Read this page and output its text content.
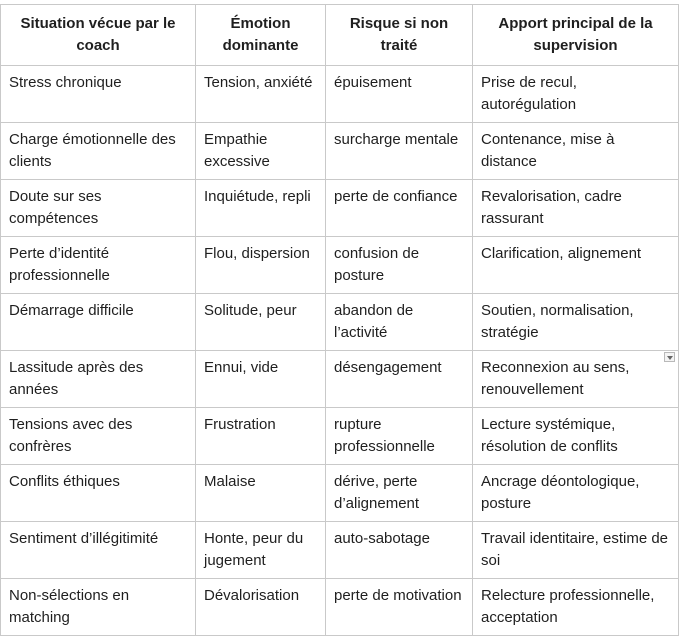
Situation vécue par le coach	Émotion dominante	Risque si non traité	Apport principal de la supervision
Stress chronique	Tension, anxiété	épuisement	Prise de recul, autorégulation
Charge émotionnelle des clients	Empathie excessive	surcharge mentale	Contenance, mise à distance
Doute sur ses compétences	Inquiétude, repli	perte de confiance	Revalorisation, cadre rassurant
Perte d’identité professionnelle	Flou, dispersion	confusion de posture	Clarification, alignement
Démarrage difficile	Solitude, peur	abandon de l’activité	Soutien, normalisation, stratégie
Lassitude après des années	Ennui, vide	désengagement	Reconnexion au sens, renouvellement
Tensions avec des confrères	Frustration	rupture professionnelle	Lecture systémique, résolution de conflits
Conflits éthiques	Malaise	dérive, perte d’alignement	Ancrage déontologique, posture
Sentiment d’illégitimité	Honte, peur du jugement	auto-sabotage	Travail identitaire, estime de soi
Non-sélections en matching	Dévalorisation	perte de motivation	Relecture professionnelle, acceptation
